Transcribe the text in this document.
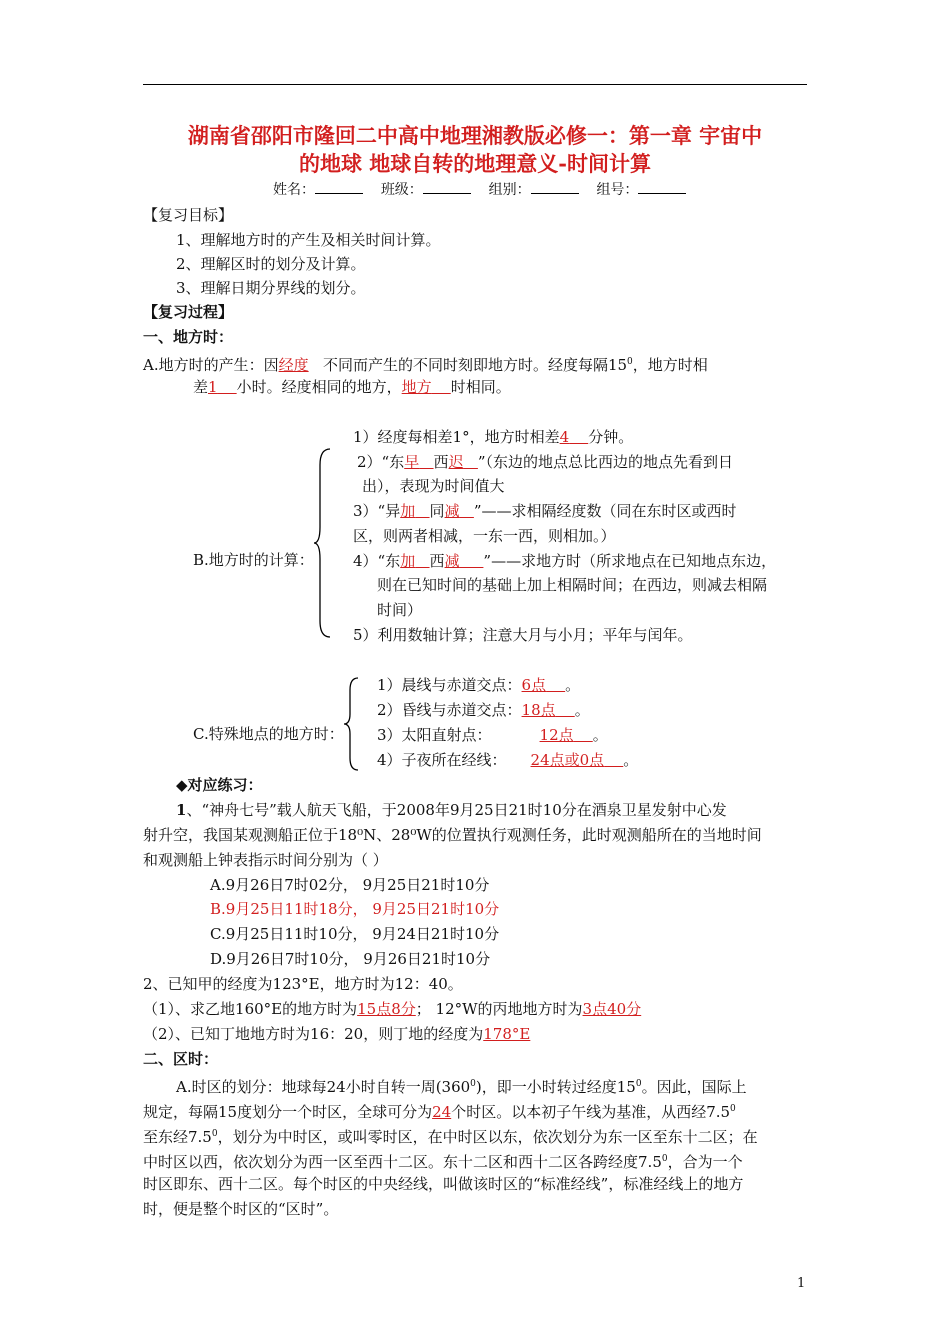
湖南省邵阳市隆回二中高中地理湘教版必修一：第一章 宇宙中
的地球 地球自转的地理意义-时间计算
姓名：	班级：	组别：	组号：
【复习目标】
1、理解地方时的产生及相关时间计算。
2、理解区时的划分及计算。
3、理解日期分界线的划分。
【复习过程】
一、地方时：
A.地方时的产生：因经度 不同而产生的不同时刻即地方时。经度每隔$15^0$，地方时相
差1 小时。经度相同的地方，地方 时相同。
B.地方时的计算：
1）经度每相差1°，地方时相差4 分钟。
2）“东早 西迟 ”（东边的地点总比西边的地点先看到日
出），表现为时间值大
3）“异加 同减 ”——求相隔经度数（同在东时区或西时
区，则两者相减，一东一西，则相加。）
4）“东加 西减 ”——求地方时（所求地点在已知地点东边，
则在已知时间的基础上加上相隔时间；在西边，则减去相隔
时间）
5）利用数轴计算；注意大月与小月；平年与闰年。
C.特殊地点的地方时：
1）晨线与赤道交点：6点 。
2）昏线与赤道交点：18点 。
3）太阳直射点：	12点 。
4）子夜所在经线： 24点或0点 。
◆对应练习：
1、“神舟七号”载人航天飞船，于2008年9月25日21时10分在酒泉卫星发射中心发
射升空，我国某观测船正位于18⁰N、28⁰W的位置执行观测任务，此时观测船所在的当地时间
和观测船上钟表指示时间分别为（ ）
A.9月26日7时02分， 9月25日21时10分
B.9月25日11时18分， 9月25日21时10分
C.9月25日11时10分， 9月24日21时10分
D.9月26日7时10分， 9月26日21时10分
2、已知甲的经度为123°E，地方时为12：40。
（1）、求乙地160°E的地方时为15点8分； 12°W的丙地地方时为3点40分
（2）、已知丁地地方时为16：20，则丁地的经度为178°E
二、区时：
A.时区的划分：地球每24小时自转一周$(360^0)$，即一小时转过经度$15^0$。因此，国际上
规定，每隔15度划分一个时区，全球可分为24个时区。以本初子午线为基准，从西经$7.5^0$
至东经$7.5^0$，划分为中时区，或叫零时区，在中时区以东，依次划分为东一区至东十二区；在
中时区以西，依次划分为西一区至西十二区。东十二区和西十二区各跨经度$7.5^0$，合为一个
时区即东、西十二区。每个时区的中央经线，叫做该时区的“标准经线”，标准经线上的地方
时，便是整个时区的“区时”。
1
